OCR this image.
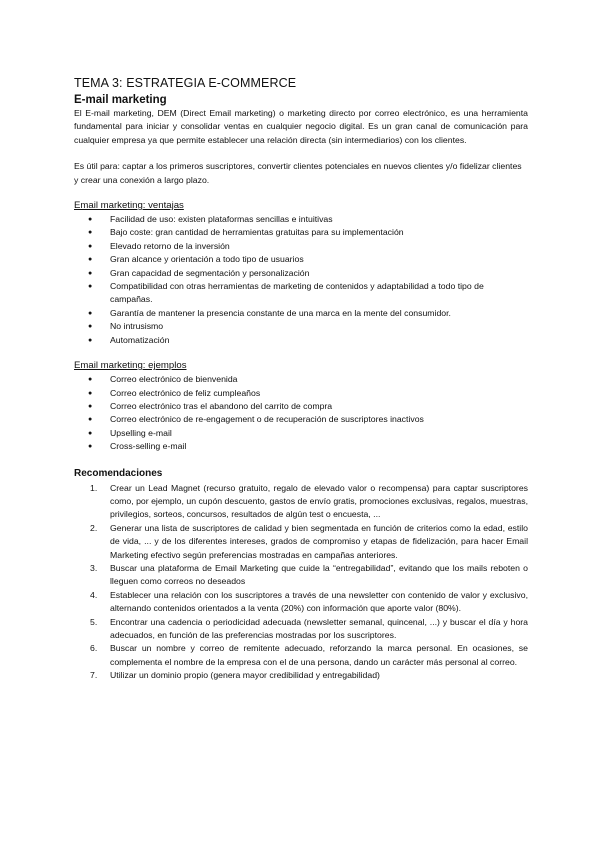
TEMA 3: ESTRATEGIA E-COMMERCE
E-mail marketing

El E-mail marketing, DEM (Direct Email marketing) o marketing directo por correo electrónico, es una herramienta fundamental para iniciar y consolidar ventas en cualquier negocio digital. Es un gran canal de comunicación para cualquier empresa ya que permite establecer una relación directa (sin intermediarios) con los clientes.

Es útil para: captar a los primeros suscriptores, convertir clientes potenciales en nuevos clientes y/o fidelizar clientes y crear una conexión a largo plazo.

Email marketing: ventajas
● Facilidad de uso: existen plataformas sencillas e intuitivas
● Bajo coste: gran cantidad de herramientas gratuitas para su implementación
● Elevado retorno de la inversión
● Gran alcance y orientación a todo tipo de usuarios
● Gran capacidad de segmentación y personalización
● Compatibilidad con otras herramientas de marketing de contenidos y adaptabilidad a todo tipo de campañas.
● Garantía de mantener la presencia constante de una marca en la mente del consumidor.
● No intrusismo
● Automatización
Email marketing: ejemplos
● Correo electrónico de bienvenida
● Correo electrónico de feliz cumpleaños
● Correo electrónico tras el abandono del carrito de compra
● Correo electrónico de re-engagement o de recuperación de suscriptores inactivos
● Upselling e-mail
● Cross-selling e-mail
Recomendaciones
1. Crear un Lead Magnet (recurso gratuito, regalo de elevado valor o recompensa) para captar suscriptores como, por ejemplo, un cupón descuento, gastos de envío gratis, promociones exclusivas, regalos, muestras, privilegios, sorteos, concursos, resultados de algún test o encuesta, ...
2. Generar una lista de suscriptores de calidad y bien segmentada en función de criterios como la edad, estilo de vida, ... y de los diferentes intereses, grados de compromiso y etapas de fidelización, para hacer Email Marketing efectivo según preferencias mostradas en campañas anteriores.
3. Buscar una plataforma de Email Marketing que cuide la “entregabilidad”, evitando que los mails reboten o lleguen como correos no deseados
4. Establecer una relación con los suscriptores a través de una newsletter con contenido de valor y exclusivo, alternando contenidos orientados a la venta (20%) con información que aporte valor (80%).
5. Encontrar una cadencia o periodicidad adecuada (newsletter semanal, quincenal, ...) y buscar el día y hora adecuados, en función de las preferencias mostradas por los suscriptores.
6. Buscar un nombre y correo de remitente adecuado, reforzando la marca personal. En ocasiones, se complementa el nombre de la empresa con el de una persona, dando un carácter más personal al correo.
7. Utilizar un dominio propio (genera mayor credibilidad y entregabilidad)
